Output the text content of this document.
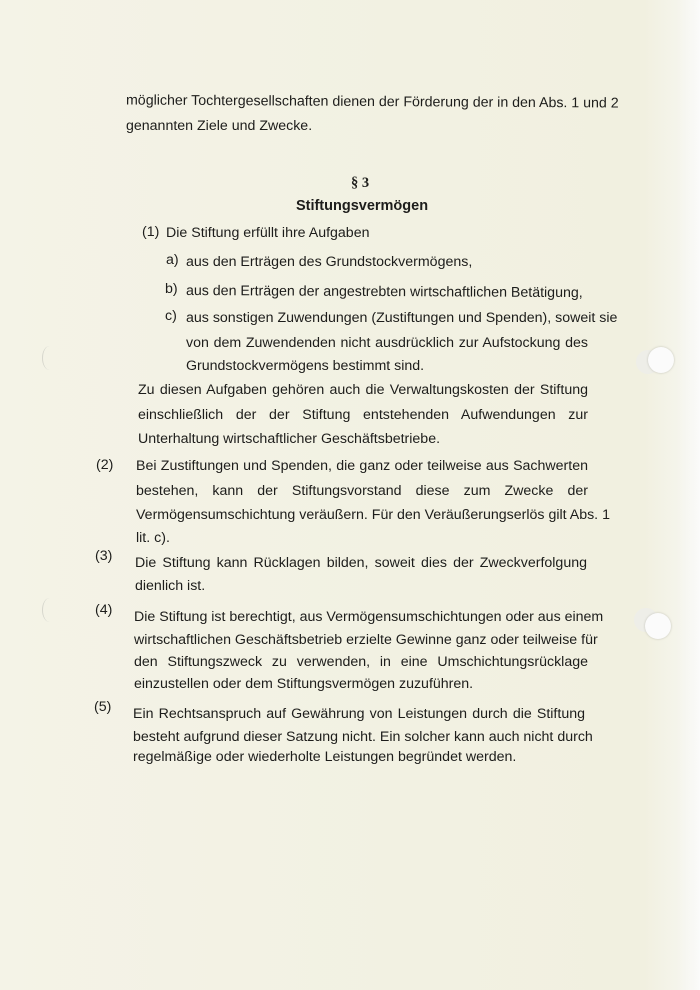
möglicher Tochtergesellschaften dienen der Förderung der in den Abs. 1 und 2
genannten Ziele und Zwecke.
§ 3
Stiftungsvermögen
(1) Die Stiftung erfüllt ihre Aufgaben
a) aus den Erträgen des Grundstockvermögens,
b) aus den Erträgen der angestrebten wirtschaftlichen Betätigung,
c) aus sonstigen Zuwendungen (Zustiftungen und Spenden), soweit sie
von dem Zuwendenden nicht ausdrücklich zur Aufstockung des
Grundstockvermögens bestimmt sind.
Zu diesen Aufgaben gehören auch die Verwaltungskosten der Stiftung
einschließlich der der Stiftung entstehenden Aufwendungen zur
Unterhaltung wirtschaftlicher Geschäftsbetriebe.
(2) Bei Zustiftungen und Spenden, die ganz oder teilweise aus Sachwerten
bestehen, kann der Stiftungsvorstand diese zum Zwecke der
Vermögensumschichtung veräußern. Für den Veräußerungserlös gilt Abs. 1
lit. c).
(3) Die Stiftung kann Rücklagen bilden, soweit dies der Zweckverfolgung
dienlich ist.
(4) Die Stiftung ist berechtigt, aus Vermögensumschichtungen oder aus einem
wirtschaftlichen Geschäftsbetrieb erzielte Gewinne ganz oder teilweise für
den Stiftungszweck zu verwenden, in eine Umschichtungsrücklage
einzustellen oder dem Stiftungsvermögen zuzuführen.
(5) Ein Rechtsanspruch auf Gewährung von Leistungen durch die Stiftung
besteht aufgrund dieser Satzung nicht. Ein solcher kann auch nicht durch
regelmäßige oder wiederholte Leistungen begründet werden.
